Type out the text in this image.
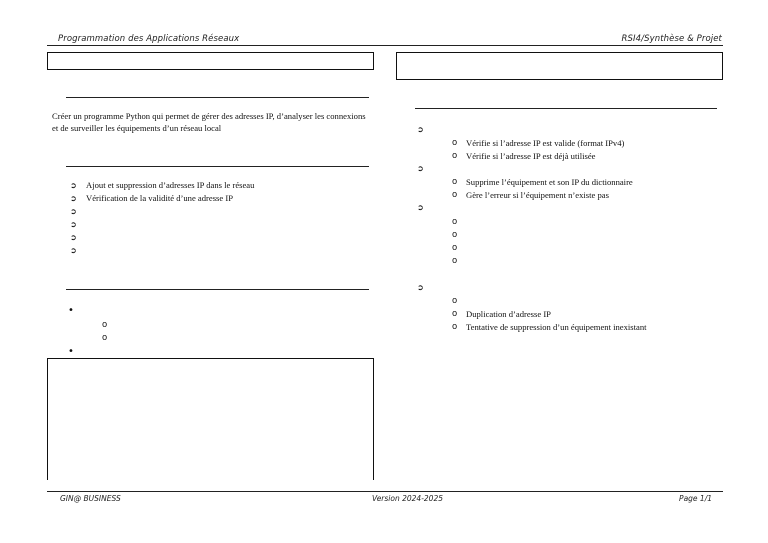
Programmation des Applications Réseaux	RSI4/Synthèse & Projet
Créer un programme Python qui permet de gérer des adresses IP, d’analyser les connexions et de surveiller les équipements d’un réseau local
➲ Ajout et suppression d’adresses IP dans le réseau
➲ Vérification de la validité d’une adresse IP
➲
➲
➲
➲
•
o
o
•
➲
o Vérifie si l’adresse IP est valide (format IPv4)
o Vérifie si l’adresse IP est déjà utilisée
➲
o Supprime l’équipement et son IP du dictionnaire
o Gère l’erreur si l’équipement n’existe pas
➲
o
o
o
o
➲
o
o Duplication d’adresse IP
o Tentative de suppression d’un équipement inexistant
GIN@ BUSINESS	Version 2024-2025	Page 1/1
